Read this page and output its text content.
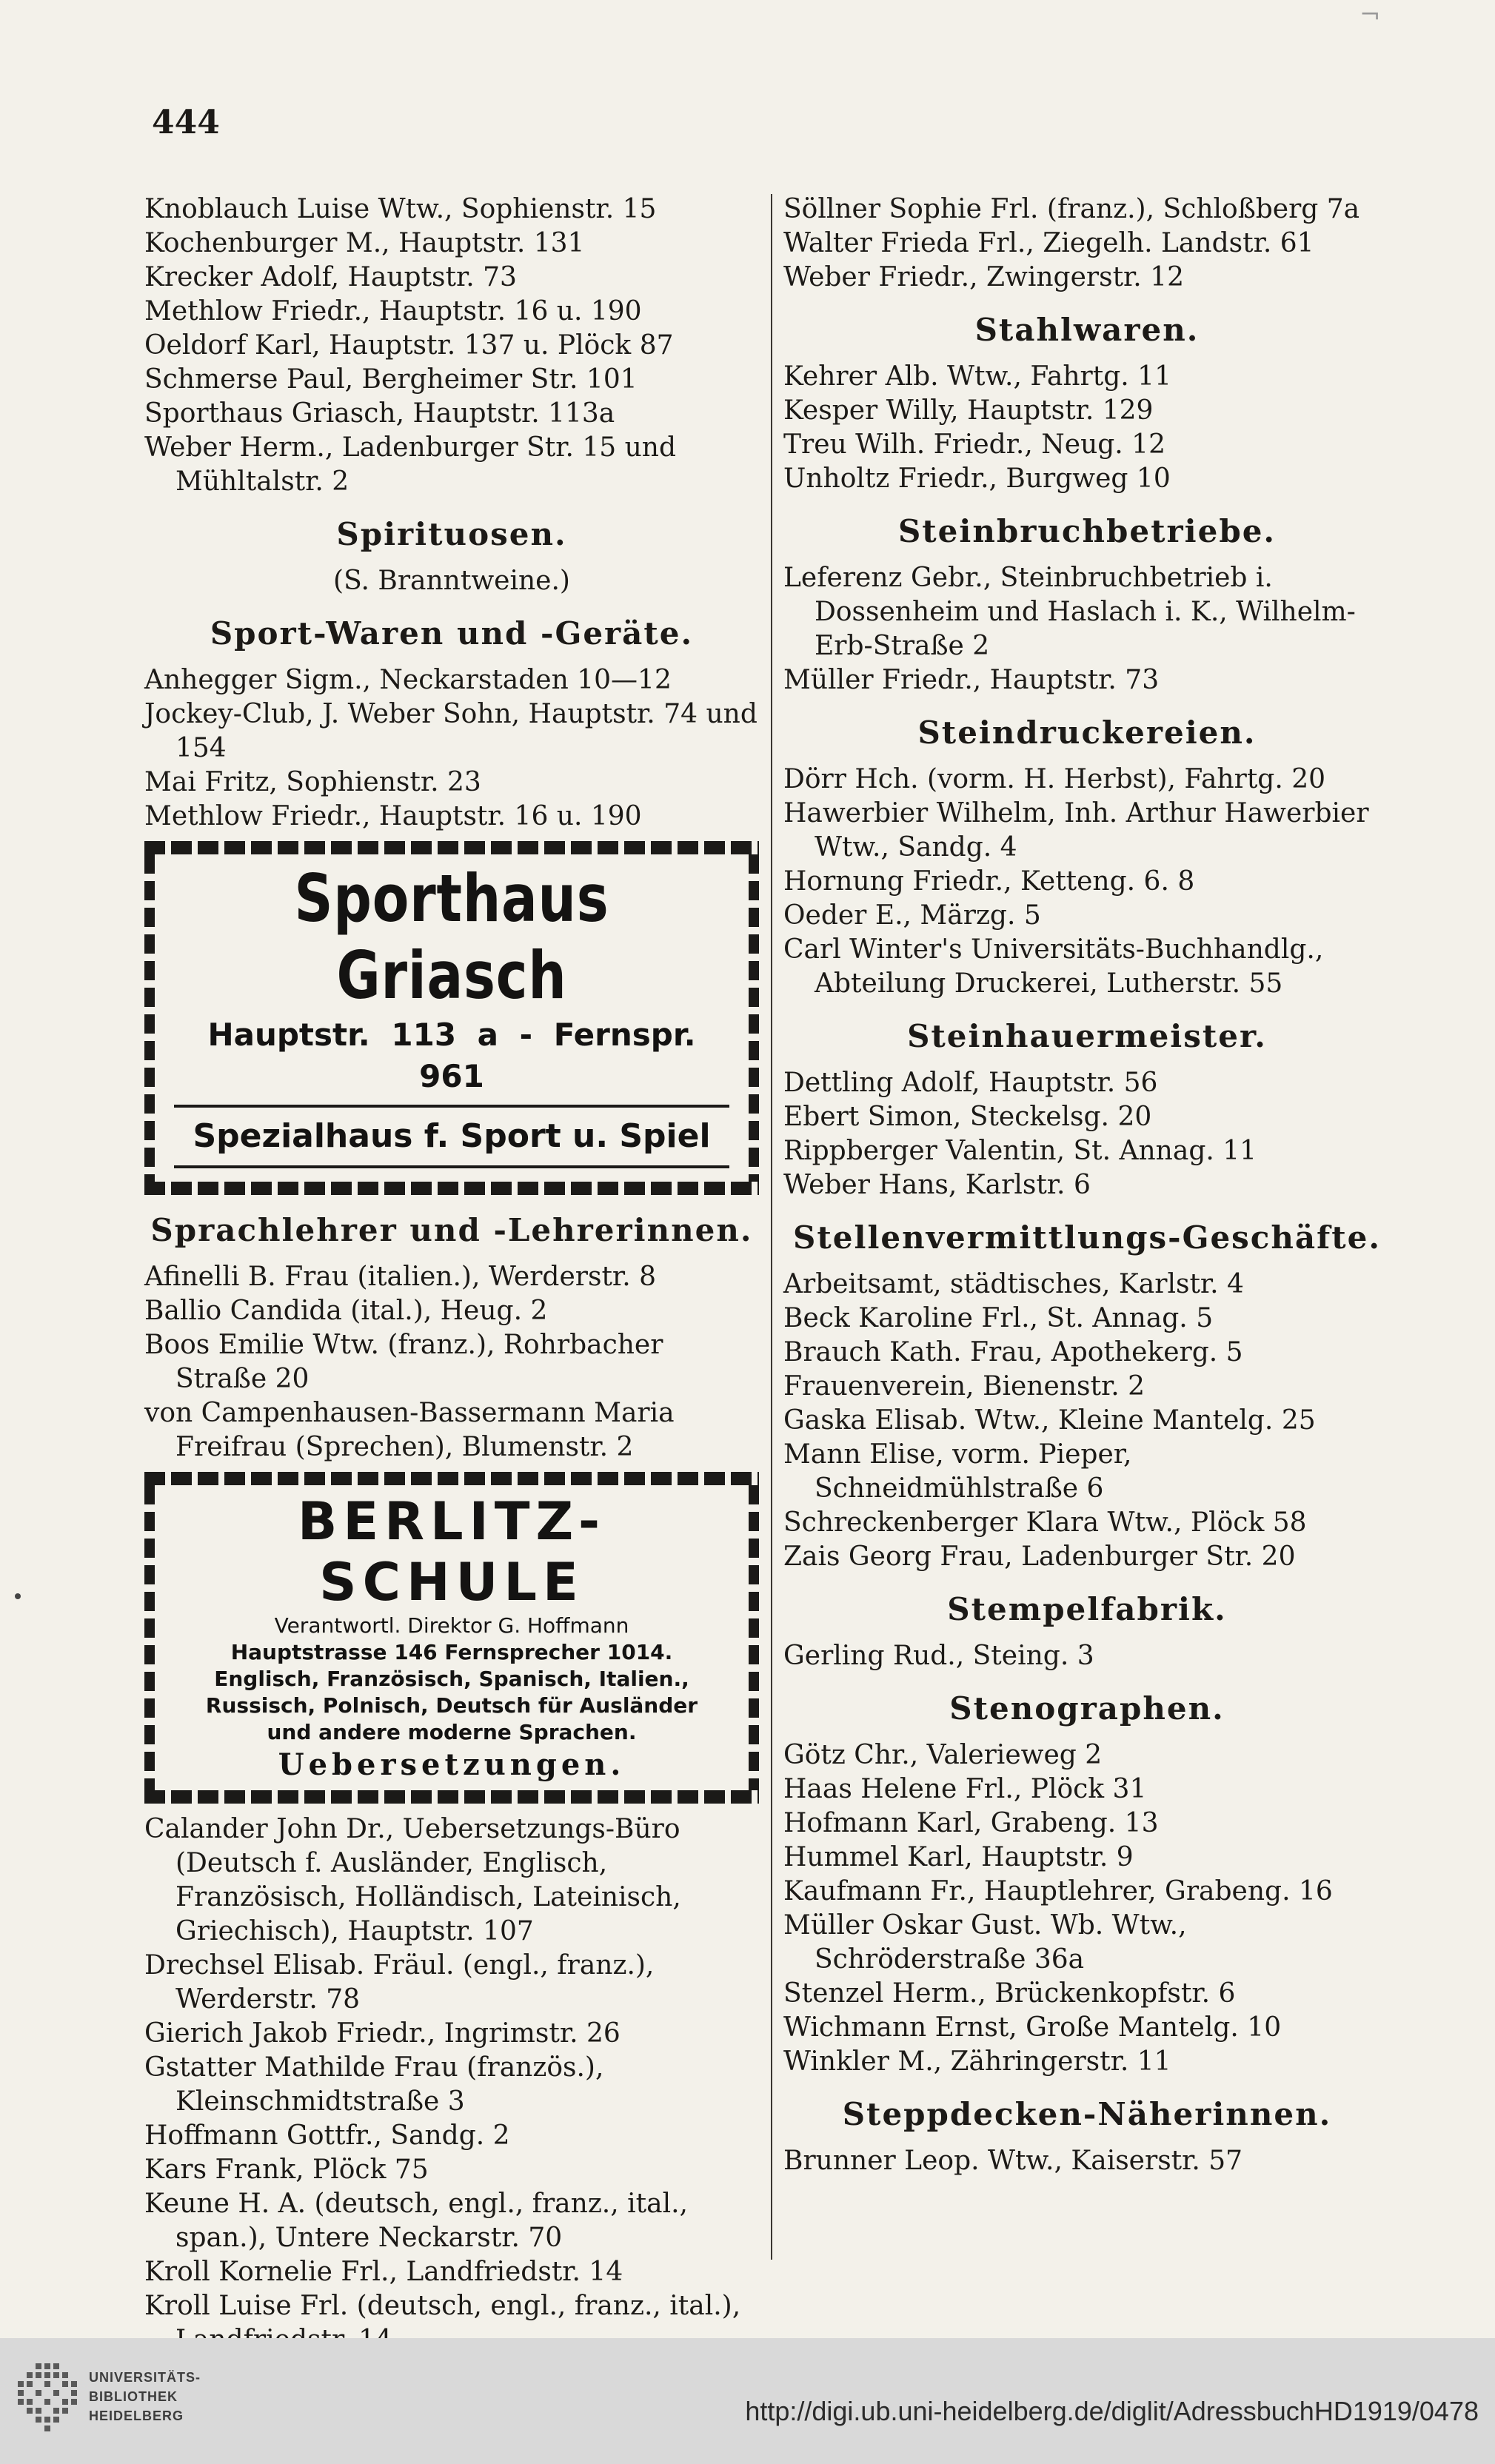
444
¬
Knoblauch Luise Wtw., Sophienstr. 15
Kochenburger M., Hauptstr. 131
Krecker Adolf, Hauptstr. 73
Methlow Friedr., Hauptstr. 16 u. 190
Oeldorf Karl, Hauptstr. 137 u. Plöck 87
Schmerse Paul, Bergheimer Str. 101
Sporthaus Griasch, Hauptstr. 113a
Weber Herm., Ladenburger Str. 15 und Mühltalstr. 2
Spirituosen.
(S. Branntweine.)
Sport-Waren und -Geräte.
Anhegger Sigm., Neckarstaden 10—12
Jockey-Club, J. Weber Sohn, Hauptstr. 74 und 154
Mai Fritz, Sophienstr. 23
Methlow Friedr., Hauptstr. 16 u. 190
Sporthaus Griasch
Hauptstr. 113 a - Fernspr. 961
Spezialhaus f. Sport u. Spiel
Sprachlehrer und -Lehrerinnen.
Afinelli B. Frau (italien.), Werderstr. 8
Ballio Candida (ital.), Heug. 2
Boos Emilie Wtw. (franz.), Rohrbacher Straße 20
von Campenhausen-Bassermann Maria Freifrau (Sprechen), Blumenstr. 2
BERLITZ-SCHULE
Verantwortl. Direktor G. Hoffmann
Hauptstrasse 146 Fernsprecher 1014.
Englisch, Französisch, Spanisch, Italien.,
Russisch, Polnisch, Deutsch für Ausländer
und andere moderne Sprachen.
Uebersetzungen.
Calander John Dr., Uebersetzungs-Büro (Deutsch f. Ausländer, Englisch, Französisch, Holländisch, Lateinisch, Griechisch), Hauptstr. 107
Drechsel Elisab. Fräul. (engl., franz.), Werderstr. 78
Gierich Jakob Friedr., Ingrimstr. 26
Gstatter Mathilde Frau (französ.), Kleinschmidtstraße 3
Hoffmann Gottfr., Sandg. 2
Kars Frank, Plöck 75
Keune H. A. (deutsch, engl., franz., ital., span.), Untere Neckarstr. 70
Kroll Kornelie Frl., Landfriedstr. 14
Kroll Luise Frl. (deutsch, engl., franz., ital.),
Söllner Sophie Frl. (franz.), Schloßberg 7a
Walter Frieda Frl., Ziegelh. Landstr. 61
Weber Friedr., Zwingerstr. 12
Stahlwaren.
Kehrer Alb. Wtw., Fahrtg. 11
Kesper Willy, Hauptstr. 129
Treu Wilh. Friedr., Neug. 12
Unholtz Friedr., Burgweg 10
Steinbruchbetriebe.
Leferenz Gebr., Steinbruchbetrieb i. Dossenheim und Haslach i. K., Wilhelm-Erb-Straße 2
Müller Friedr., Hauptstr. 73
Steindruckereien.
Dörr Hch. (vorm. H. Herbst), Fahrtg. 20
Hawerbier Wilhelm, Inh. Arthur Hawerbier Wtw., Sandg. 4
Hornung Friedr., Ketteng. 6. 8
Oeder E., Märzg. 5
Carl Winter's Universitäts-Buchhandlg., Abteilung Druckerei, Lutherstr. 55
Steinhauermeister.
Dettling Adolf, Hauptstr. 56
Ebert Simon, Steckelsg. 20
Rippberger Valentin, St. Annag. 11
Weber Hans, Karlstr. 6
Stellenvermittlungs-Geschäfte.
Arbeitsamt, städtisches, Karlstr. 4
Beck Karoline Frl., St. Annag. 5
Brauch Kath. Frau, Apothekerg. 5
Frauenverein, Bienenstr. 2
Gaska Elisab. Wtw., Kleine Mantelg. 25
Mann Elise, vorm. Pieper, Schneidmühlstraße 6
Schreckenberger Klara Wtw., Plöck 58
Zais Georg Frau, Ladenburger Str. 20
Stempelfabrik.
Gerling Rud., Steing. 3
Stenographen.
Götz Chr., Valerieweg 2
Haas Helene Frl., Plöck 31
Hofmann Karl, Grabeng. 13
Hummel Karl, Hauptstr. 9
Kaufmann Fr., Hauptlehrer, Grabeng. 16
Müller Oskar Gust. Wb. Wtw., Schröderstraße 36a
Stenzel Herm., Brückenkopfstr. 6
Wichmann Ernst, Große Mantelg. 10
Winkler M., Zähringerstr. 11
Steppdecken-Näherinnen.
Brunner Leop. Wtw., Kaiserstr. 57
UNIVERSITÄTS-
BIBLIOTHEK
HEIDELBERG	http://digi.ub.uni-heidelberg.de/diglit/AdressbuchHD1919/0478
